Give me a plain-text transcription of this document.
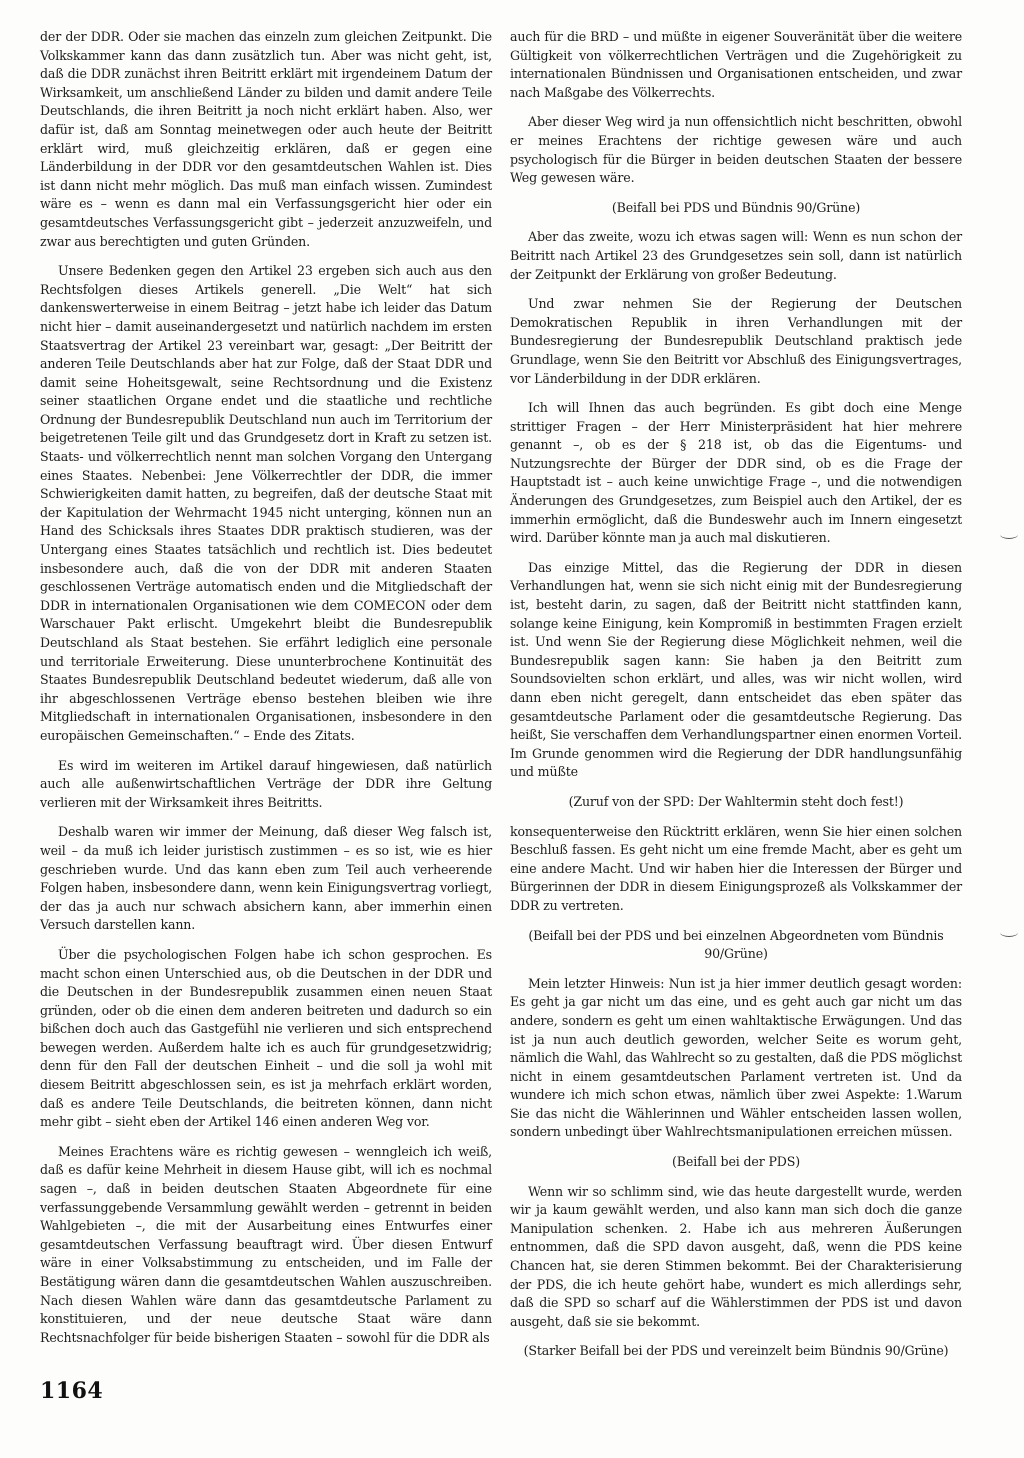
der der DDR. Oder sie machen das einzeln zum gleichen Zeitpunkt. Die Volkskammer kann das dann zusätzlich tun. Aber was nicht geht, ist, daß die DDR zunächst ihren Beitritt erklärt mit irgendeinem Datum der Wirksamkeit, um anschließend Länder zu bilden und damit andere Teile Deutschlands, die ihren Beitritt ja noch nicht erklärt haben. Also, wer dafür ist, daß am Sonntag meinetwegen oder auch heute der Beitritt erklärt wird, muß gleichzeitig erklären, daß er gegen eine Länderbildung in der DDR vor den gesamtdeutschen Wahlen ist. Dies ist dann nicht mehr möglich. Das muß man einfach wissen. Zumindest wäre es – wenn es dann mal ein Verfassungsgericht hier oder ein gesamtdeutsches Verfassungsgericht gibt – jederzeit anzuzweifeln, und zwar aus berechtigten und guten Gründen.

Unsere Bedenken gegen den Artikel 23 ergeben sich auch aus den Rechtsfolgen dieses Artikels generell. „Die Welt“ hat sich dankenswerterweise in einem Beitrag – jetzt habe ich leider das Datum nicht hier – damit auseinandergesetzt und natürlich nachdem im ersten Staatsvertrag der Artikel 23 vereinbart war, gesagt: „Der Beitritt der anderen Teile Deutschlands aber hat zur Folge, daß der Staat DDR und damit seine Hoheitsgewalt, seine Rechtsordnung und die Existenz seiner staatlichen Organe endet und die staatliche und rechtliche Ordnung der Bundesrepublik Deutschland nun auch im Territorium der beigetretenen Teile gilt und das Grundgesetz dort in Kraft zu setzen ist. Staats- und völkerrechtlich nennt man solchen Vorgang den Untergang eines Staates. Nebenbei: Jene Völkerrechtler der DDR, die immer Schwierigkeiten damit hatten, zu begreifen, daß der deutsche Staat mit der Kapitulation der Wehrmacht 1945 nicht unterging, können nun an Hand des Schicksals ihres Staates DDR praktisch studieren, was der Untergang eines Staates tatsächlich und rechtlich ist. Dies bedeutet insbesondere auch, daß die von der DDR mit anderen Staaten geschlossenen Verträge automatisch enden und die Mitgliedschaft der DDR in internationalen Organisationen wie dem COMECON oder dem Warschauer Pakt erlischt. Umgekehrt bleibt die Bundesrepublik Deutschland als Staat bestehen. Sie erfährt lediglich eine personale und territoriale Erweiterung. Diese ununterbrochene Kontinuität des Staates Bundesrepublik Deutschland bedeutet wiederum, daß alle von ihr abgeschlossenen Verträge ebenso bestehen bleiben wie ihre Mitgliedschaft in internationalen Organisationen, insbesondere in den europäischen Gemeinschaften.“ – Ende des Zitats.

Es wird im weiteren im Artikel darauf hingewiesen, daß natürlich auch alle außenwirtschaftlichen Verträge der DDR ihre Geltung verlieren mit der Wirksamkeit ihres Beitritts.

Deshalb waren wir immer der Meinung, daß dieser Weg falsch ist, weil – da muß ich leider juristisch zustimmen – es so ist, wie es hier geschrieben wurde. Und das kann eben zum Teil auch verheerende Folgen haben, insbesondere dann, wenn kein Einigungsvertrag vorliegt, der das ja auch nur schwach absichern kann, aber immerhin einen Versuch darstellen kann.

Über die psychologischen Folgen habe ich schon gesprochen. Es macht schon einen Unterschied aus, ob die Deutschen in der DDR und die Deutschen in der Bundesrepublik zusammen einen neuen Staat gründen, oder ob die einen dem anderen beitreten und dadurch so ein bißchen doch auch das Gastgefühl nie verlieren und sich entsprechend bewegen werden. Außerdem halte ich es auch für grundgesetzwidrig; denn für den Fall der deutschen Einheit – und die soll ja wohl mit diesem Beitritt abgeschlossen sein, es ist ja mehrfach erklärt worden, daß es andere Teile Deutschlands, die beitreten können, dann nicht mehr gibt – sieht eben der Artikel 146 einen anderen Weg vor.

Meines Erachtens wäre es richtig gewesen – wenngleich ich weiß, daß es dafür keine Mehrheit in diesem Hause gibt, will ich es nochmal sagen –, daß in beiden deutschen Staaten Abgeordnete für eine verfassunggebende Versammlung gewählt werden – getrennt in beiden Wahlgebieten –, die mit der Ausarbeitung eines Entwurfes einer gesamtdeutschen Verfassung beauftragt wird. Über diesen Entwurf wäre in einer Volksabstimmung zu entscheiden, und im Falle der Bestätigung wären dann die gesamtdeutschen Wahlen auszuschreiben. Nach diesen Wahlen wäre dann das gesamtdeutsche Parlament zu konstituieren, und der neue deutsche Staat wäre dann Rechtsnachfolger für beide bisherigen Staaten – sowohl für die DDR als

auch für die BRD – und müßte in eigener Souveränität über die weitere Gültigkeit von völkerrechtlichen Verträgen und die Zugehörigkeit zu internationalen Bündnissen und Organisationen entscheiden, und zwar nach Maßgabe des Völkerrechts.

Aber dieser Weg wird ja nun offensichtlich nicht beschritten, obwohl er meines Erachtens der richtige gewesen wäre und auch psychologisch für die Bürger in beiden deutschen Staaten der bessere Weg gewesen wäre.

(Beifall bei PDS und Bündnis 90/Grüne)

Aber das zweite, wozu ich etwas sagen will: Wenn es nun schon der Beitritt nach Artikel 23 des Grundgesetzes sein soll, dann ist natürlich der Zeitpunkt der Erklärung von großer Bedeutung.

Und zwar nehmen Sie der Regierung der Deutschen Demokratischen Republik in ihren Verhandlungen mit der Bundesregierung der Bundesrepublik Deutschland praktisch jede Grundlage, wenn Sie den Beitritt vor Abschluß des Einigungsvertrages, vor Länderbildung in der DDR erklären.

Ich will Ihnen das auch begründen. Es gibt doch eine Menge strittiger Fragen – der Herr Ministerpräsident hat hier mehrere genannt –, ob es der § 218 ist, ob das die Eigentums- und Nutzungsrechte der Bürger der DDR sind, ob es die Frage der Hauptstadt ist – auch keine unwichtige Frage –, und die notwendigen Änderungen des Grundgesetzes, zum Beispiel auch den Artikel, der es immerhin ermöglicht, daß die Bundeswehr auch im Innern eingesetzt wird. Darüber könnte man ja auch mal diskutieren.

Das einzige Mittel, das die Regierung der DDR in diesen Verhandlungen hat, wenn sie sich nicht einig mit der Bundesregierung ist, besteht darin, zu sagen, daß der Beitritt nicht stattfinden kann, solange keine Einigung, kein Kompromiß in bestimmten Fragen erzielt ist. Und wenn Sie der Regierung diese Möglichkeit nehmen, weil die Bundesrepublik sagen kann: Sie haben ja den Beitritt zum Soundsovielten schon erklärt, und alles, was wir nicht wollen, wird dann eben nicht geregelt, dann entscheidet das eben später das gesamtdeutsche Parlament oder die gesamtdeutsche Regierung. Das heißt, Sie verschaffen dem Verhandlungspartner einen enormen Vorteil. Im Grunde genommen wird die Regierung der DDR handlungsunfähig und müßte

(Zuruf von der SPD: Der Wahltermin steht doch fest!)

konsequenterweise den Rücktritt erklären, wenn Sie hier einen solchen Beschluß fassen. Es geht nicht um eine fremde Macht, aber es geht um eine andere Macht. Und wir haben hier die Interessen der Bürger und Bürgerinnen der DDR in diesem Einigungsprozeß als Volkskammer der DDR zu vertreten.

(Beifall bei der PDS und bei einzelnen Abgeordneten vom Bündnis 90/Grüne)

Mein letzter Hinweis: Nun ist ja hier immer deutlich gesagt worden: Es geht ja gar nicht um das eine, und es geht auch gar nicht um das andere, sondern es geht um einen wahltaktische Erwägungen. Und das ist ja nun auch deutlich geworden, welcher Seite es worum geht, nämlich die Wahl, das Wahlrecht so zu gestalten, daß die PDS möglichst nicht in einem gesamtdeutschen Parlament vertreten ist. Und da wundere ich mich schon etwas, nämlich über zwei Aspekte: 1.Warum Sie das nicht die Wählerinnen und Wähler entscheiden lassen wollen, sondern unbedingt über Wahlrechtsmanipulationen erreichen müssen.

(Beifall bei der PDS)

Wenn wir so schlimm sind, wie das heute dargestellt wurde, werden wir ja kaum gewählt werden, und also kann man sich doch die ganze Manipulation schenken. 2. Habe ich aus mehreren Äußerungen entnommen, daß die SPD davon ausgeht, daß, wenn die PDS keine Chancen hat, sie deren Stimmen bekommt. Bei der Charakterisierung der PDS, die ich heute gehört habe, wundert es mich allerdings sehr, daß die SPD so scharf auf die Wählerstimmen der PDS ist und davon ausgeht, daß sie sie bekommt.

(Starker Beifall bei der PDS und vereinzelt beim Bündnis 90/Grüne)

1164
